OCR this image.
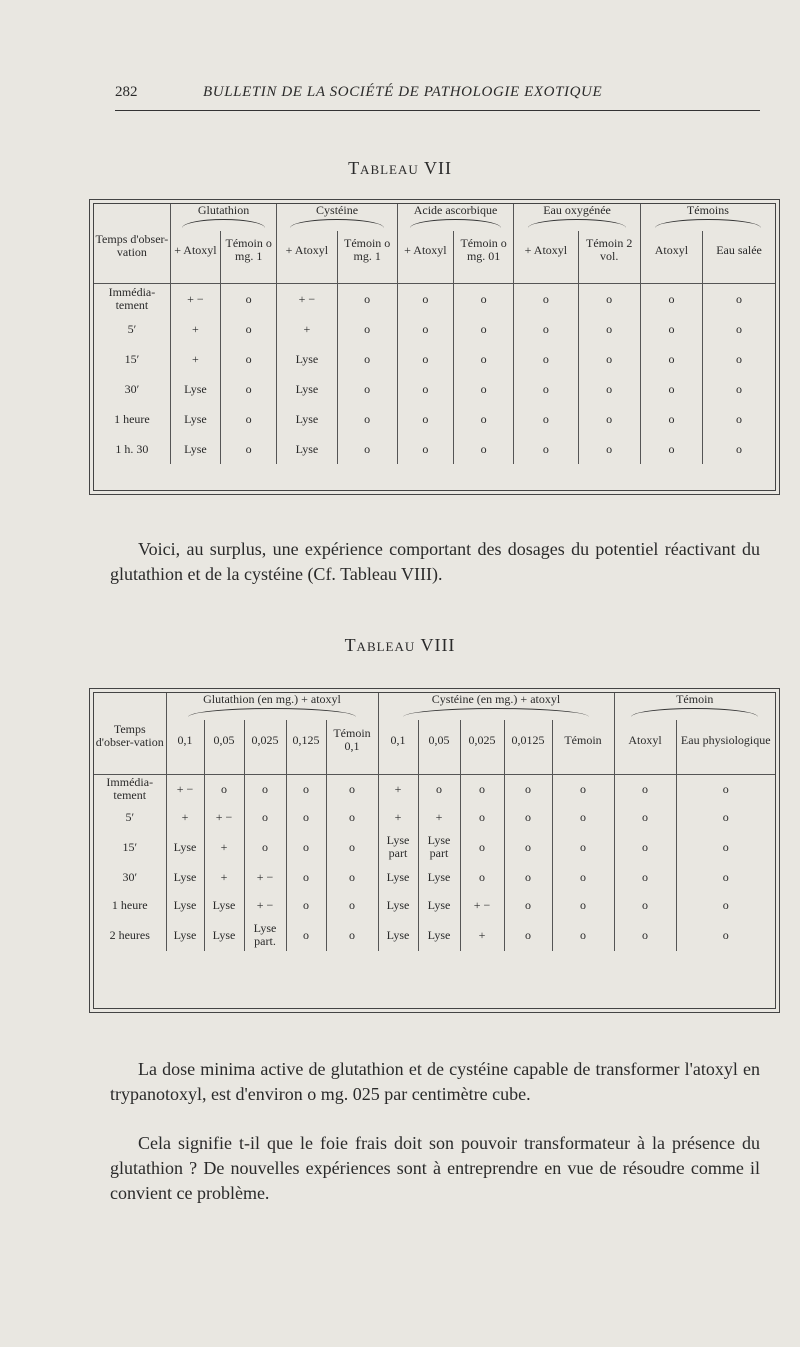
282	BULLETIN DE LA SOCIÉTÉ DE PATHOLOGIE EXOTIQUE
Tableau VII
Temps d'obser-vation	Glutathion		Cystéine		Acide ascorbique		Eau oxygénée		Témoins	

	+ Atoxyl	Témoin o mg. 1	+ Atoxyl	Témoin o mg. 1	+ Atoxyl	Témoin o mg. 01	+ Atoxyl	Témoin 2 vol.	Atoxyl	Eau salée

Immédia-tement	+ −	o	+ −	o	o	o	o	o	o	o
5′	+	o	+	o	o	o	o	o	o	o
15′	+	o	Lyse	o	o	o	o	o	o	o
30′	Lyse	o	Lyse	o	o	o	o	o	o	o
1 heure	Lyse	o	Lyse	o	o	o	o	o	o	o
1 h. 30	Lyse	o	Lyse	o	o	o	o	o	o	o

Voici, au surplus, une expérience comportant des dosages du potentiel réactivant du glutathion et de la cystéine (Cf. Tableau VIII).

Tableau VIII
Temps d'obser-vation	Glutathion (en mg.) + atoxyl					Cystéine (en mg.) + atoxyl					Témoin	

	0,1	0,05	0,025	0,125	Témoin 0,1	0,1	0,05	0,025	0,0125	Témoin	Atoxyl	Eau physiologique

Immédia-tement	+ −	o	o	o	o	+	o	o	o	o	o	o
5′	+	+ −	o	o	o	+	+	o	o	o	o	o
15′	Lyse	+	o	o	o	Lyse part	Lyse part	o	o	o	o	o
30′	Lyse	+	+ −	o	o	Lyse	Lyse	o	o	o	o	o
1 heure	Lyse	Lyse	+ −	o	o	Lyse	Lyse	+ −	o	o	o	o
2 heures	Lyse	Lyse	Lyse part.	o	o	Lyse	Lyse	+	o	o	o	o

La dose minima active de glutathion et de cystéine capable de transformer l'atoxyl en trypanotoxyl, est d'environ o mg. 025 par centimètre cube.

Cela signifie t-il que le foie frais doit son pouvoir transformateur à la présence du glutathion ? De nouvelles expériences sont à entreprendre en vue de résoudre comme il convient ce problème.
